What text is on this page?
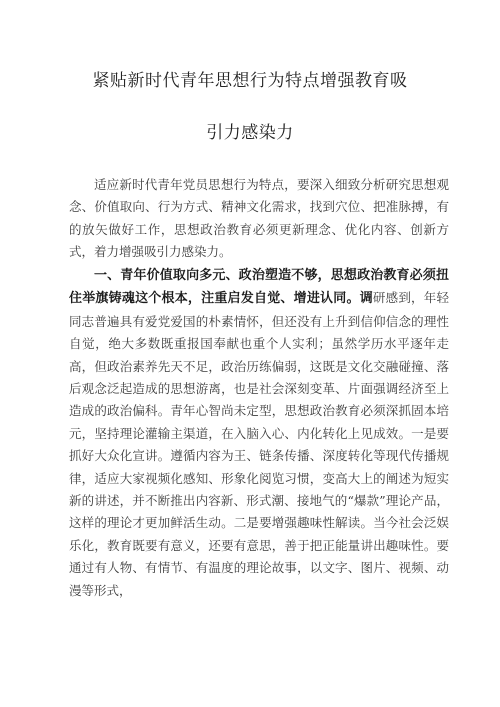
紧贴新时代青年思想行为特点增强教育吸
引力感染力
适应新时代青年党员思想行为特点，要深入细致分析研究思想观念、价值取向、行为方式、精神文化需求，找到穴位、把准脉搏，有的放矢做好工作，思想政治教育必须更新理念、优化内容、创新方式，着力增强吸引力感染力。
一、青年价值取向多元、政治塑造不够，思想政治教育必须扭住举旗铸魂这个根本，注重启发自觉、增进认同。调研感到，年轻同志普遍具有爱党爱国的朴素情怀，但还没有上升到信仰信念的理性自觉，绝大多数既重报国奉献也重个人实利；虽然学历水平逐年走高，但政治素养先天不足，政治历练偏弱，这既是文化交融碰撞、落后观念泛起造成的思想游离，也是社会深刻变革、片面强调经济至上造成的政治偏科。青年心智尚未定型，思想政治教育必须深抓固本培元，坚持理论灌输主渠道，在入脑入心、内化转化上见成效。一是要抓好大众化宣讲。遵循内容为王、链条传播、深度转化等现代传播规律，适应大家视频化感知、形象化阅览习惯，变高大上的阐述为短实新的讲述，并不断推出内容新、形式潮、接地气的“爆款”理论产品，这样的理论才更加鲜活生动。二是要增强趣味性解读。当今社会泛娱乐化，教育既要有意义，还要有意思，善于把正能量讲出趣味性。要通过有人物、有情节、有温度的理论故事，以文字、图片、视频、动漫等形式，
